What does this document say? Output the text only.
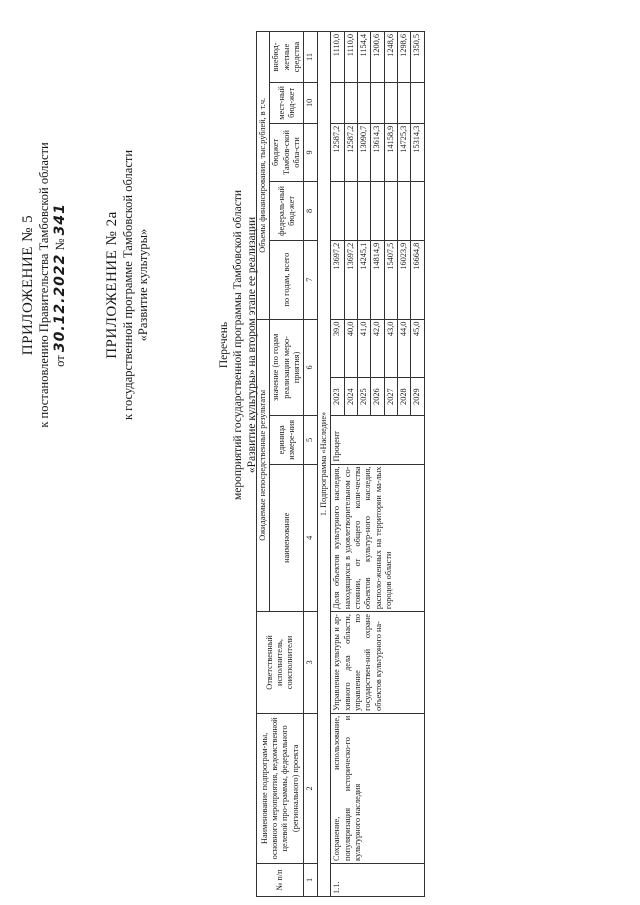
ПРИЛОЖЕНИЕ № 5 к постановлению Правительства Тамбовской области от 30.12.2022 № 341 ПРИЛОЖЕНИЕ № 2а к государственной программе Тамбовской области «Развитие культуры»
Перечень мероприятий государственной программы Тамбовской области «Развитие культуры» на втором этапе ее реализации
№ п/п	Наименование подпрограм-мы, основного мероприятия, ведомственной целевой про-граммы, федерального (регионального) проекта	Ответственный исполнитель, соисполнители	Ожидаемые непосредственные результаты				Объемы финансирования, тыс.рублей, в т.ч.				
			наименование	единица измере-ния	значение (по годам реализации меро-приятия)		по годам, всего	федераль-ный бюд-жет	бюджет Тамбов-ской обла-сти	мест-ный бюд-жет	внебюд-жетные средства
1	2	3	4	5	6		7	8	9	10	11
1. Подпрограмма «Наследие»											
1.1.	Сохранение, использование, популяризация историческо-го и культурного наследия	Управление культуры и ар-хивного дела области, управление по государствен-ной охране объектов культурного на-	Доля объектов культурного наследия, находящихся в удовлетворительном со-стоянии, от общего коли-чества объектов культур-ного наследия, располо-женных на территории ма-лых городов области	Процент	2023	39,0	13697,2		12587,2		1110,0
					2024	40,0	13697,2		12587,2		1110,0
					2025	41,0	14245,1		13090,7		1154,4
					2026	42,0	14814,9		13614,3		1200,6
					2027	43,0	15407,5		14158,9		1248,6
					2028	44,0	16023,9		14725,3		1298,6
					2029	45,0	16664,8		15314,3		1350,5
